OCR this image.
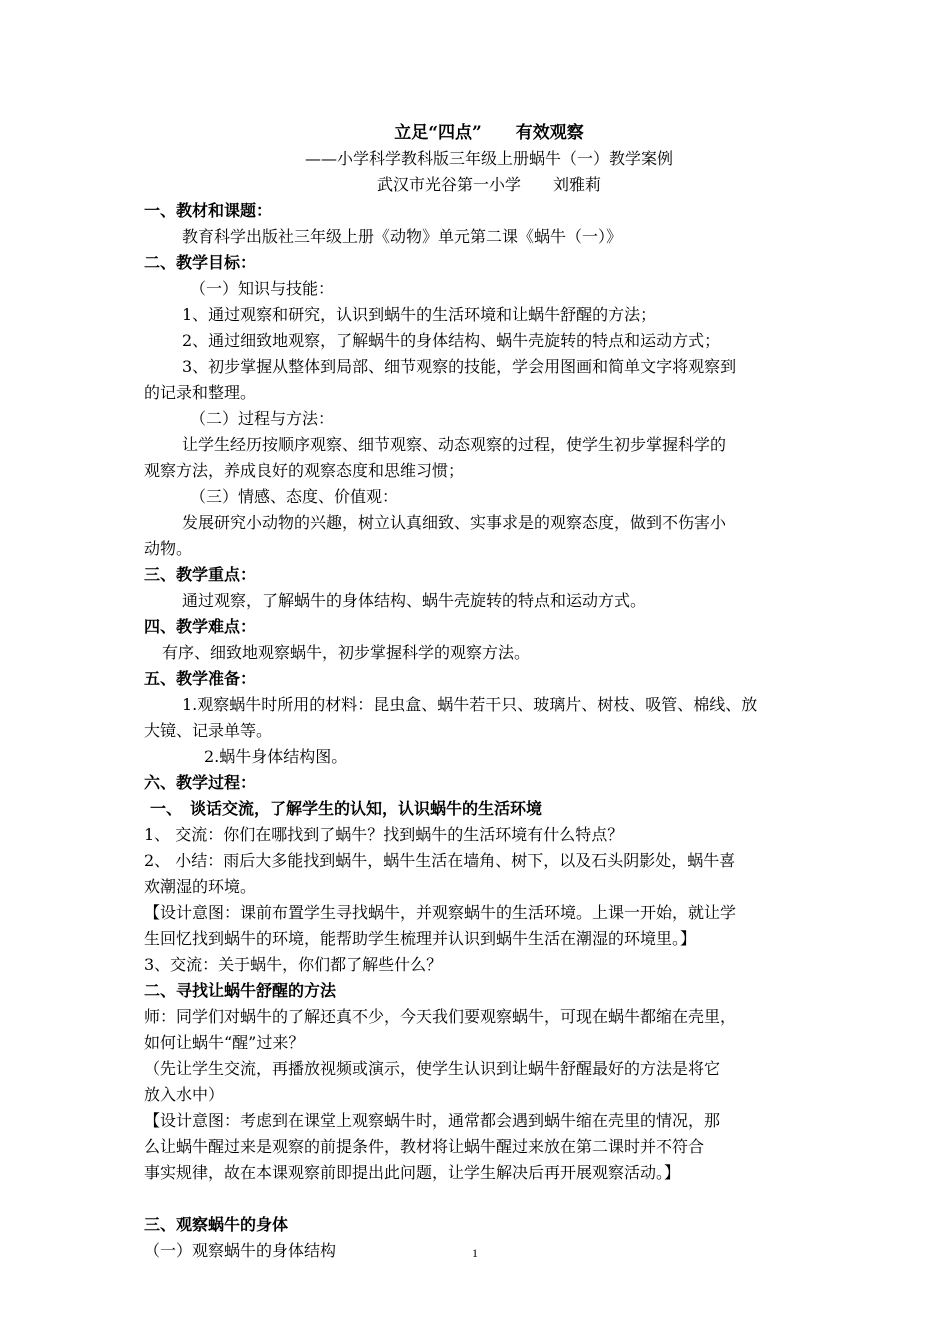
立足“四点”　　有效观察
——小学科学教科版三年级上册蜗牛（一）教学案例
武汉市光谷第一小学　　刘雅莉
一、教材和课题：
教育科学出版社三年级上册《动物》单元第二课《蜗牛（一）》
二、教学目标：
（一）知识与技能：
1、通过观察和研究，认识到蜗牛的生活环境和让蜗牛舒醒的方法；
2、通过细致地观察，了解蜗牛的身体结构、蜗牛壳旋转的特点和运动方式；
3、初步掌握从整体到局部、细节观察的技能，学会用图画和简单文字将观察到
的记录和整理。
（二）过程与方法：
让学生经历按顺序观察、细节观察、动态观察的过程，使学生初步掌握科学的
观察方法，养成良好的观察态度和思维习惯；
（三）情感、态度、价值观：
发展研究小动物的兴趣，树立认真细致、实事求是的观察态度，做到不伤害小
动物。
三、教学重点：
通过观察，了解蜗牛的身体结构、蜗牛壳旋转的特点和运动方式。
四、教学难点：
有序、细致地观察蜗牛，初步掌握科学的观察方法。
五、教学准备：
1.观察蜗牛时所用的材料：昆虫盒、蜗牛若干只、玻璃片、树枝、吸管、棉线、放
大镜、记录单等。
2.蜗牛身体结构图。
六、教学过程：
一、　谈话交流，了解学生的认知，认识蜗牛的生活环境
1、 交流：你们在哪找到了蜗牛？找到蜗牛的生活环境有什么特点？
2、 小结：雨后大多能找到蜗牛，蜗牛生活在墙角、树下，以及石头阴影处，蜗牛喜
欢潮湿的环境。
【设计意图：课前布置学生寻找蜗牛，并观察蜗牛的生活环境。上课一开始，就让学
生回忆找到蜗牛的环境，能帮助学生梳理并认识到蜗牛生活在潮湿的环境里。】
3、交流：关于蜗牛，你们都了解些什么？
二、寻找让蜗牛舒醒的方法
师：同学们对蜗牛的了解还真不少，今天我们要观察蜗牛，可现在蜗牛都缩在壳里，
如何让蜗牛“醒”过来？
（先让学生交流，再播放视频或演示，使学生认识到让蜗牛舒醒最好的方法是将它
放入水中）
【设计意图：考虑到在课堂上观察蜗牛时，通常都会遇到蜗牛缩在壳里的情况，那
么让蜗牛醒过来是观察的前提条件，教材将让蜗牛醒过来放在第二课时并不符合
事实规律，故在本课观察前即提出此问题，让学生解决后再开展观察活动。】
三、观察蜗牛的身体
（一）观察蜗牛的身体结构	1
